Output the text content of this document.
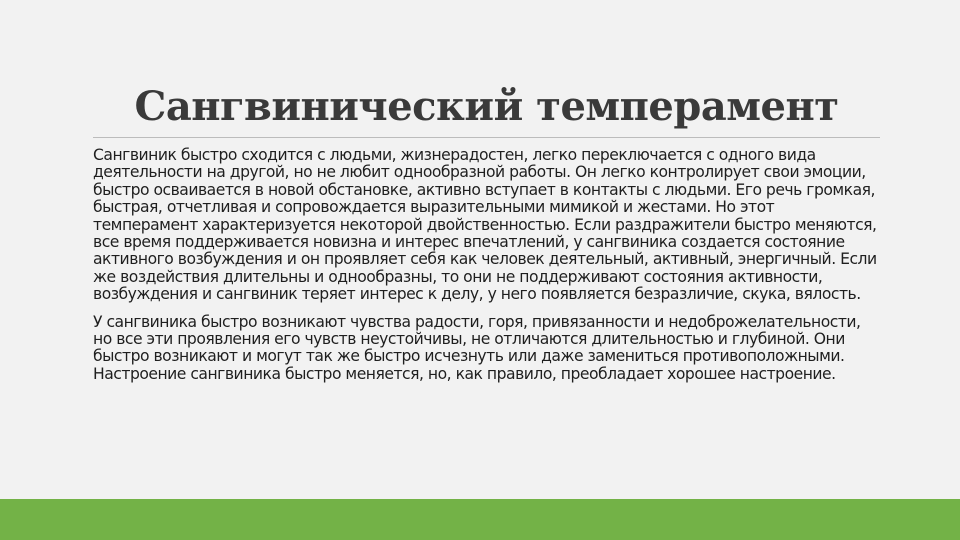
Сангвинический темперамент

Сангвиник быстро сходится с людьми, жизнерадостен, легко переключается с одного вида деятельности на другой, но не любит однообразной работы. Он легко контролирует свои эмоции, быстро осваивается в новой обстановке, активно вступает в контакты с людьми. Его речь громкая, быстрая, отчетливая и сопровождается выразительными мимикой и жестами. Но этот темперамент характеризуется некоторой двойственностью. Если раздражители быстро меняются, все время поддерживается новизна и интерес впечатлений, у сангвиника создается состояние активного возбуждения и он проявляет себя как человек деятельный, активный, энергичный. Если же воздействия длительны и однообразны, то они не поддерживают состояния активности, возбуждения и сангвиник теряет интерес к делу, у него появляется безразличие, скука, вялость.

У сангвиника быстро возникают чувства радости, горя, привязанности и недоброжелательности, но все эти проявления его чувств неустойчивы, не отличаются длительностью и глубиной. Они быстро возникают и могут так же быстро исчезнуть или даже замениться противоположными. Настроение сангвиника быстро меняется, но, как правило, преобладает хорошее настроение.
